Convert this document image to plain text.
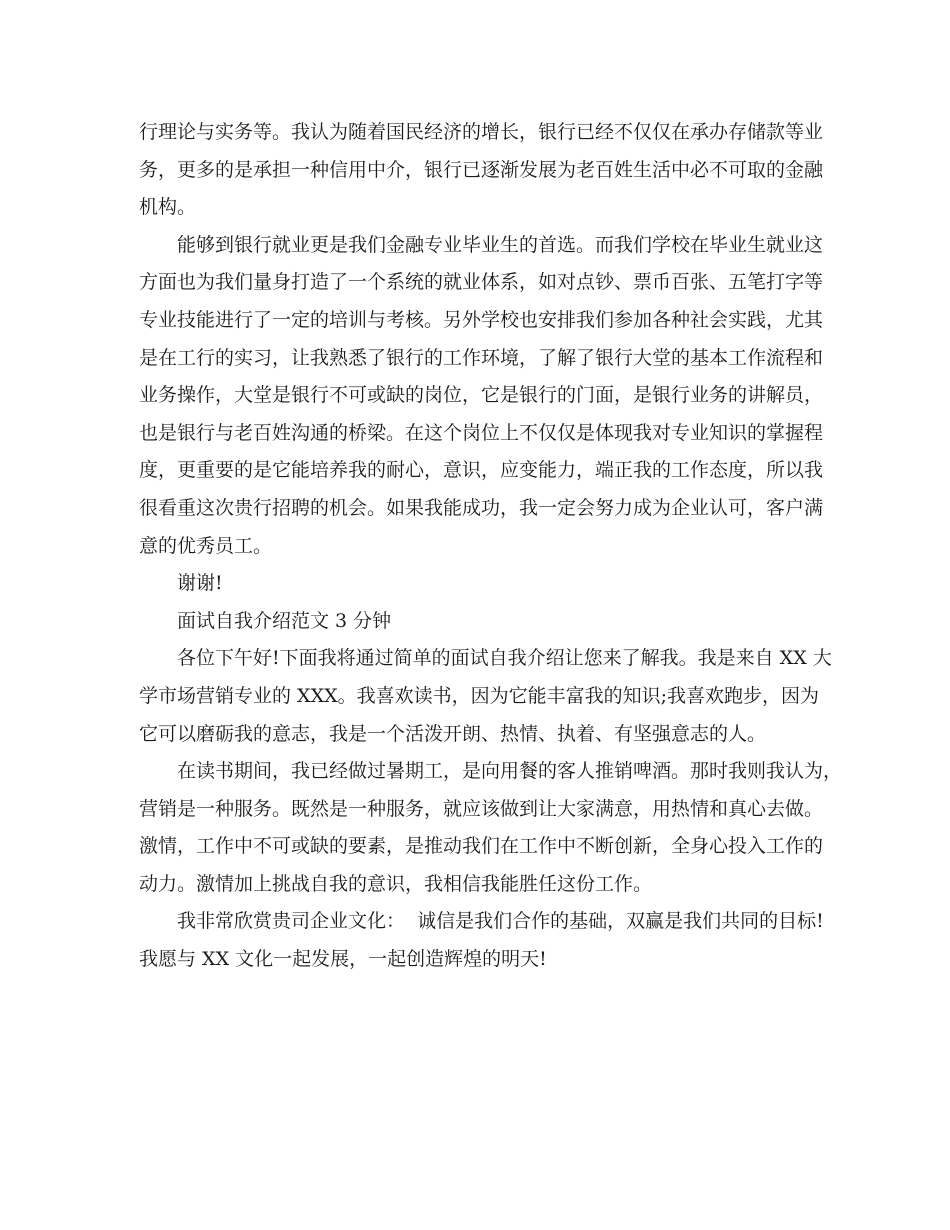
行理论与实务等。我认为随着国民经济的增长，银行已经不仅仅在承办存储款等业
务，更多的是承担一种信用中介，银行已逐渐发展为老百姓生活中必不可取的金融
机构。
能够到银行就业更是我们金融专业毕业生的首选。而我们学校在毕业生就业这
方面也为我们量身打造了一个系统的就业体系，如对点钞、票币百张、五笔打字等
专业技能进行了一定的培训与考核。另外学校也安排我们参加各种社会实践，尤其
是在工行的实习，让我熟悉了银行的工作环境，了解了银行大堂的基本工作流程和
业务操作，大堂是银行不可或缺的岗位，它是银行的门面，是银行业务的讲解员，
也是银行与老百姓沟通的桥梁。在这个岗位上不仅仅是体现我对专业知识的掌握程
度，更重要的是它能培养我的耐心，意识，应变能力，端正我的工作态度，所以我
很看重这次贵行招聘的机会。如果我能成功，我一定会努力成为企业认可，客户满
意的优秀员工。
谢谢!
面试自我介绍范文 3 分钟
各位下午好!下面我将通过简单的面试自我介绍让您来了解我。我是来自 XX 大
学市场营销专业的 XXX。我喜欢读书，因为它能丰富我的知识;我喜欢跑步，因为
它可以磨砺我的意志，我是一个活泼开朗、热情、执着、有坚强意志的人。
在读书期间，我已经做过暑期工，是向用餐的客人推销啤酒。那时我则我认为，
营销是一种服务。既然是一种服务，就应该做到让大家满意，用热情和真心去做。
激情，工作中不可或缺的要素，是推动我们在工作中不断创新，全身心投入工作的
动力。激情加上挑战自我的意识，我相信我能胜任这份工作。
我非常欣赏贵司企业文化：  诚信是我们合作的基础，双赢是我们共同的目标!
我愿与 XX 文化一起发展，一起创造辉煌的明天!
